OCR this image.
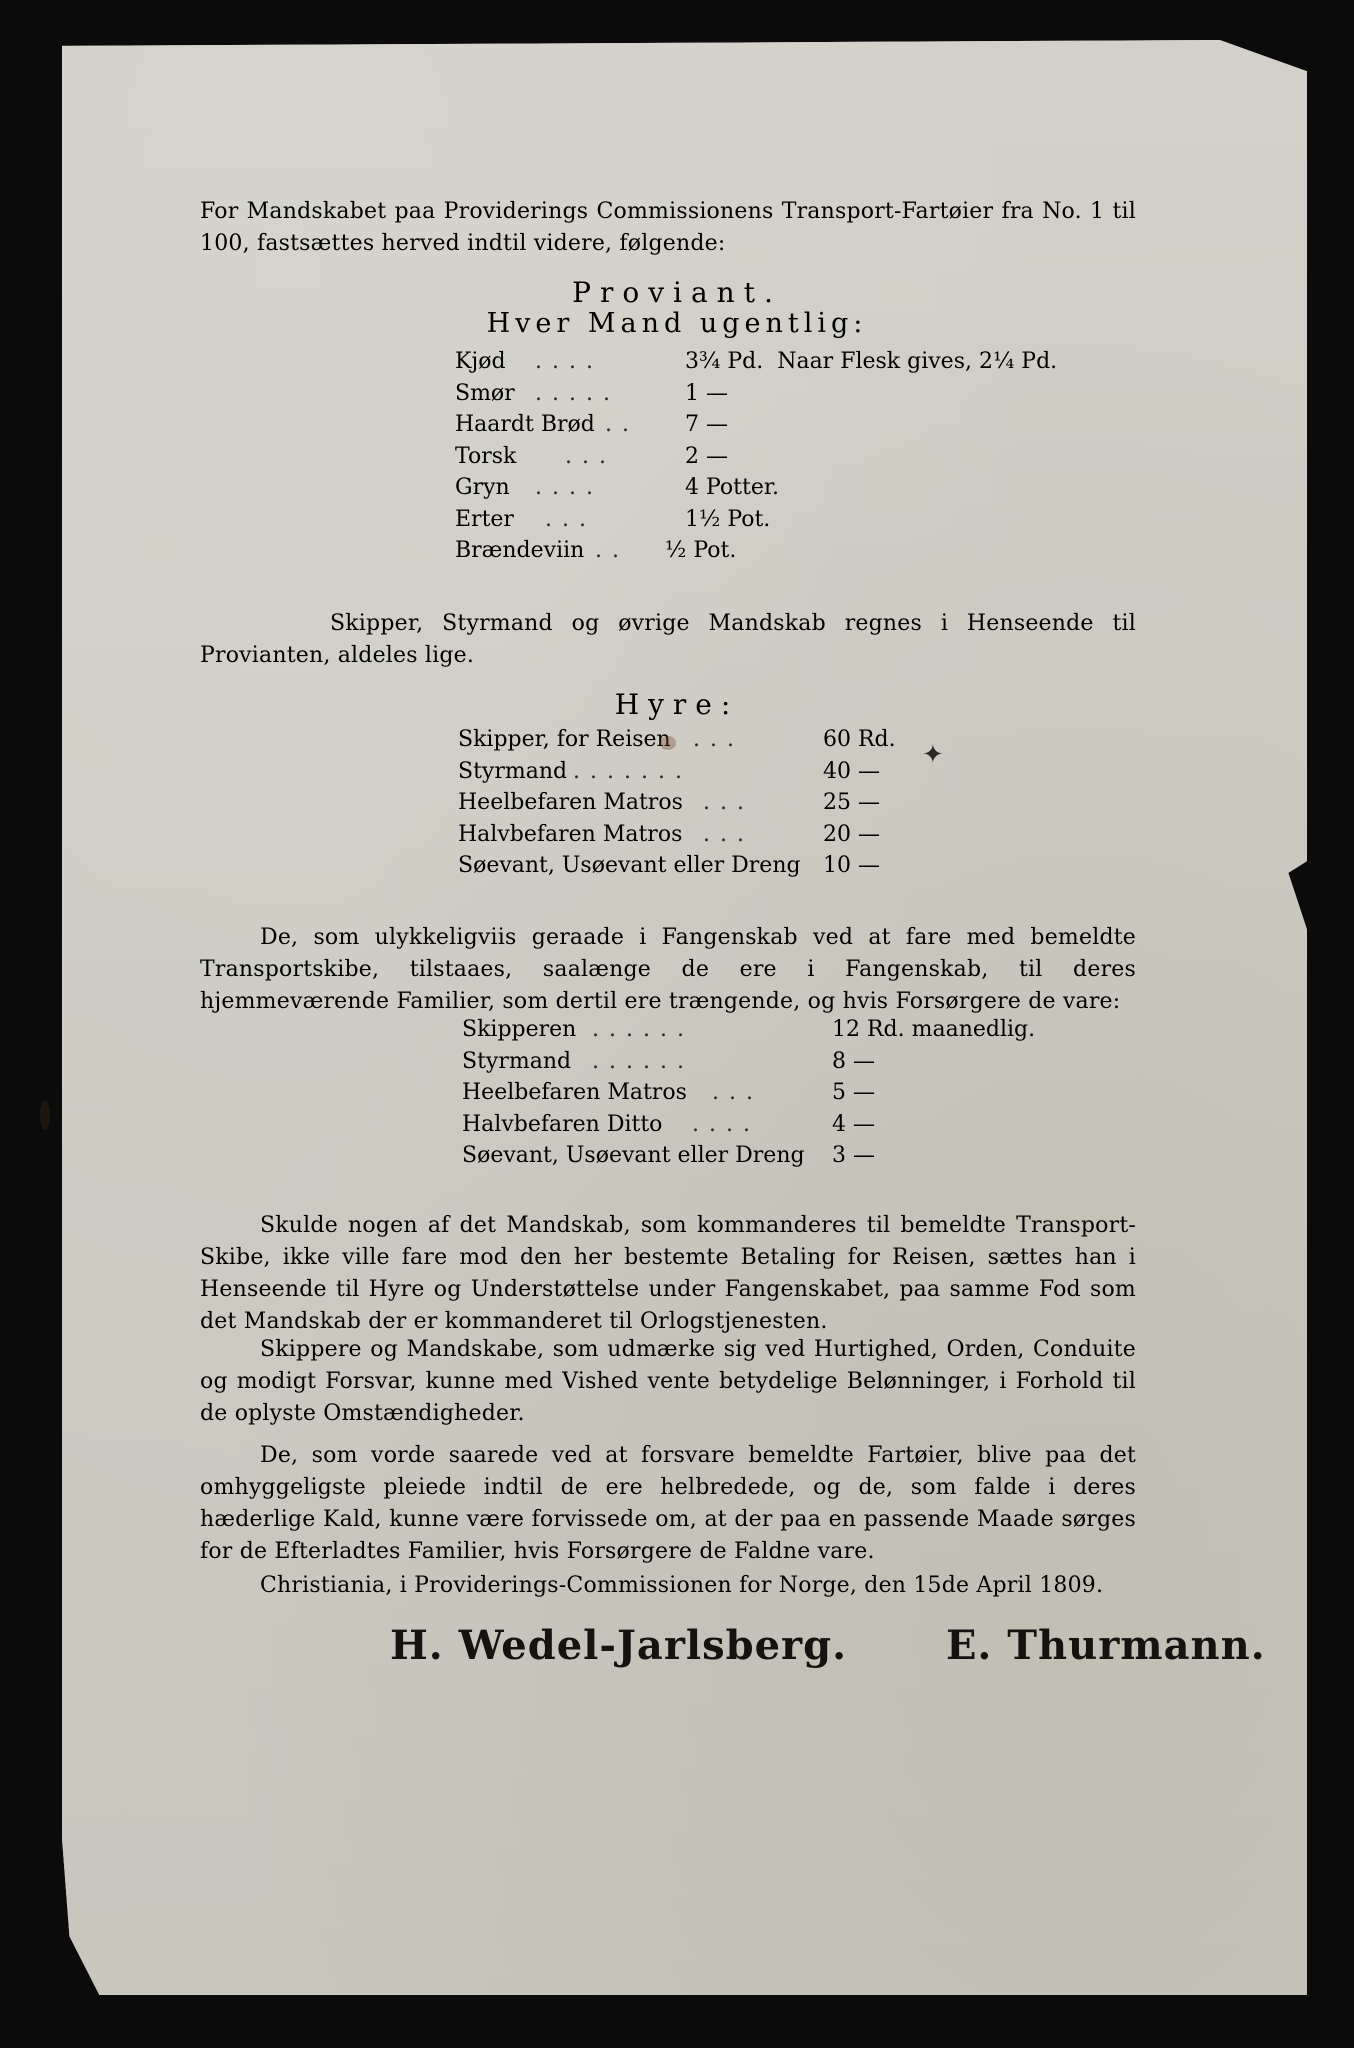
For Mandskabet paa Providerings Commissionens Transport-Fartøier fra No. 1 til 100, fastsættes herved indtil videre, følgende:

Proviant.
Hver Mand ugentlig:
Kjød	....	3¾ Pd. Naar Flesk gives, 2¼ Pd.
Smør .....	1 —
Haardt Brød ..	7 —
Torsk	...	2 —
Gryn	....	4 Potter.
Erter	...	1½ Pot.
Brændeviin ..	½ Pot.

Skipper, Styrmand og øvrige Mandskab regnes i Henseende til Provianten, aldeles lige.

Hyre:
Skipper, for Reisen	...	60 Rd.
Styrmand .......	40 —
Heelbefaren Matros ...	25 —
Halvbefaren Matros ...	20 —
Søevant, Usøevant eller Dreng	10 —

De, som ulykkeligviis geraade i Fangenskab ved at fare med bemeldte Transportskibe, tilstaaes, saalænge de ere i Fangenskab, til deres hjemmeværende Familier, som dertil ere trængende, og hvis Forsørgere de vare:

Skipperen ......	12 Rd. maanedlig.
Styrmand ......	8 —
Heelbefaren Matros	...	5 —
Halvbefaren Ditto	....	4 —
Søevant, Usøevant eller Dreng	3 —

Skulde nogen af det Mandskab, som kommanderes til bemeldte Transport-Skibe, ikke ville fare mod den her bestemte Betaling for Reisen, sættes han i Henseende til Hyre og Understøttelse under Fangenskabet, paa samme Fod som det Mandskab der er kommanderet til Orlogstjenesten.

Skippere og Mandskabe, som udmærke sig ved Hurtighed, Orden, Conduite og modigt Forsvar, kunne med Vished vente betydelige Belønninger, i Forhold til de oplyste Omstændigheder.

De, som vorde saarede ved at forsvare bemeldte Fartøier, blive paa det omhyggeligste pleiede indtil de ere helbredede, og de, som falde i deres hæderlige Kald, kunne være forvissede om, at der paa en passende Maade sørges for de Efterladtes Familier, hvis Forsørgere de Faldne vare.

Christiania, i Providerings-Commissionen for Norge, den 15de April 1809.

H. Wedel-Jarlsberg. E. Thurmann.
✦
